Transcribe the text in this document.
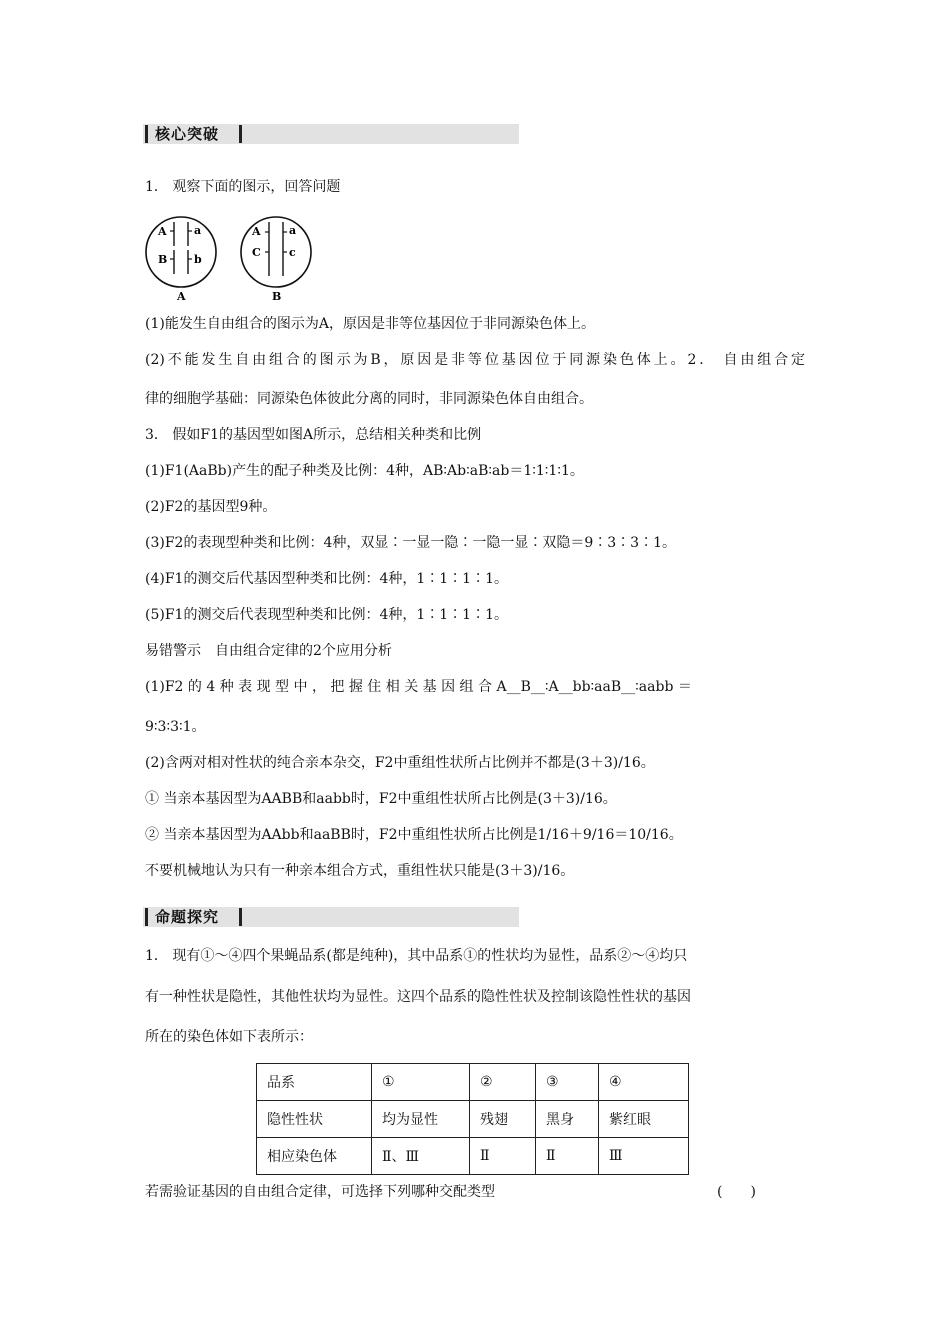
核心突破
1． 观察下面的图示，回答问题
A a
B b
A
A	a
C	c
B
(1)能发生自由组合的图示为A，原因是非等位基因位于非同源染色体上。
(2)不能发生自由组合的图示为B，原因是非等位基因位于同源染色体上。2． 自由组合定
律的细胞学基础：同源染色体彼此分离的同时，非同源染色体自由组合。
3． 假如F1的基因型如图A所示，总结相关种类和比例
(1)F1(AaBb)产生的配子种类及比例：4种，AB∶Ab∶aB∶ab＝1∶1∶1∶1。
(2)F2的基因型9种。
(3)F2的表现型种类和比例：4种，双显∶一显一隐∶一隐一显∶双隐＝9∶3∶3∶1。
(4)F1的测交后代基因型种类和比例：4种，1∶1∶1∶1。
(5)F1的测交后代表现型种类和比例：4种，1∶1∶1∶1。
易错警示　自由组合定律的2个应用分析
(1)F2 的 4 种 表 现 型 中 ， 把 握 住 相 关 基 因 组 合 A__B__∶A__bb∶aaB__∶aabb ＝
9∶3∶3∶1。
(2)含两对相对性状的纯合亲本杂交，F2中重组性状所占比例并不都是(3＋3)/16。
① 当亲本基因型为AABB和aabb时，F2中重组性状所占比例是(3＋3)/16。
② 当亲本基因型为AAbb和aaBB时，F2中重组性状所占比例是1/16＋9/16＝10/16。
不要机械地认为只有一种亲本组合方式，重组性状只能是(3＋3)/16。
命题探究
1． 现有①～④四个果蝇品系(都是纯种)，其中品系①的性状均为显性，品系②～④均只
有一种性状是隐性，其他性状均为显性。这四个品系的隐性性状及控制该隐性性状的基因
所在的染色体如下表所示：
品系	①	②	③	④
隐性性状	均为显性	残翅	黑身	紫红眼
相应染色体	Ⅱ、Ⅲ	Ⅱ	Ⅱ	Ⅲ
若需验证基因的自由组合定律，可选择下列哪种交配类型	(　　)
